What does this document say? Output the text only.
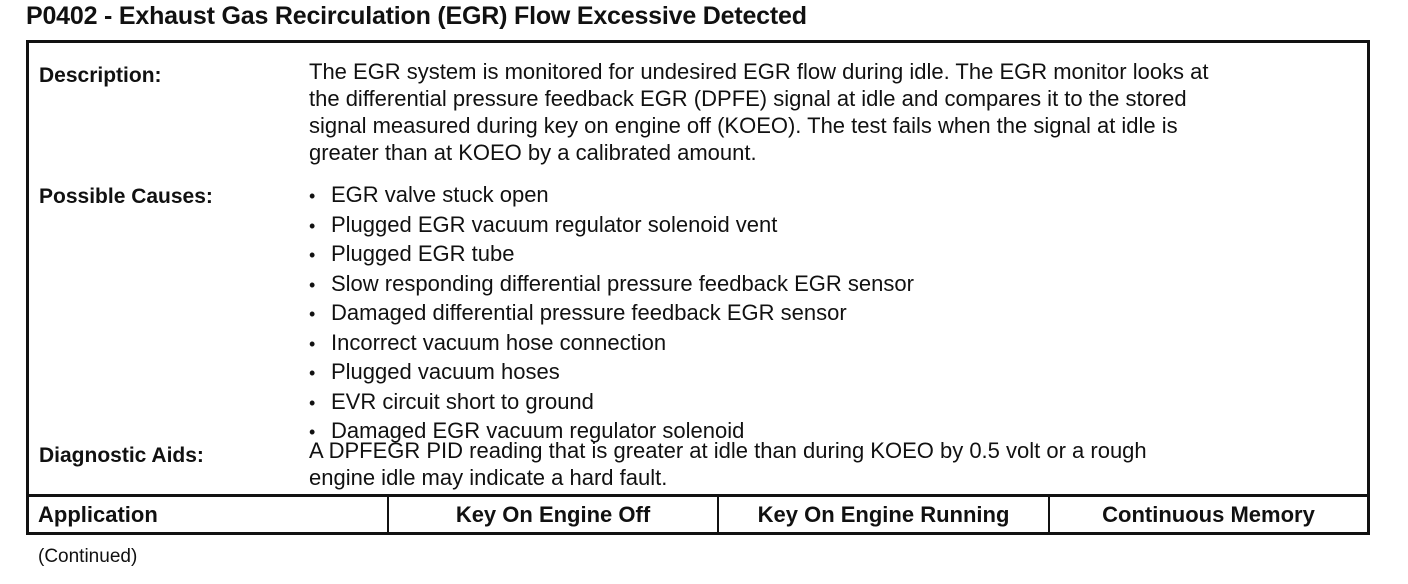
P0402 - Exhaust Gas Recirculation (EGR) Flow Excessive Detected
Description:	The EGR system is monitored for undesired EGR flow during idle. The EGR monitor looks at
the differential pressure feedback EGR (DPFE) signal at idle and compares it to the stored
signal measured during key on engine off (KOEO). The test fails when the signal at idle is
greater than at KOEO by a calibrated amount.
Possible Causes:
•	EGR valve stuck open
• Plugged EGR vacuum regulator solenoid vent
• Plugged EGR tube
• Slow responding differential pressure feedback EGR sensor
• Damaged differential pressure feedback EGR sensor
• Incorrect vacuum hose connection
• Plugged vacuum hoses
• EVR circuit short to ground
• Damaged EGR vacuum regulator solenoid
Diagnostic Aids:	A DPFEGR PID reading that is greater at idle than during KOEO by 0.5 volt or a rough
engine idle may indicate a hard fault.
Application	Key On Engine Off	Key On Engine Running	Continuous Memory
(Continued)
